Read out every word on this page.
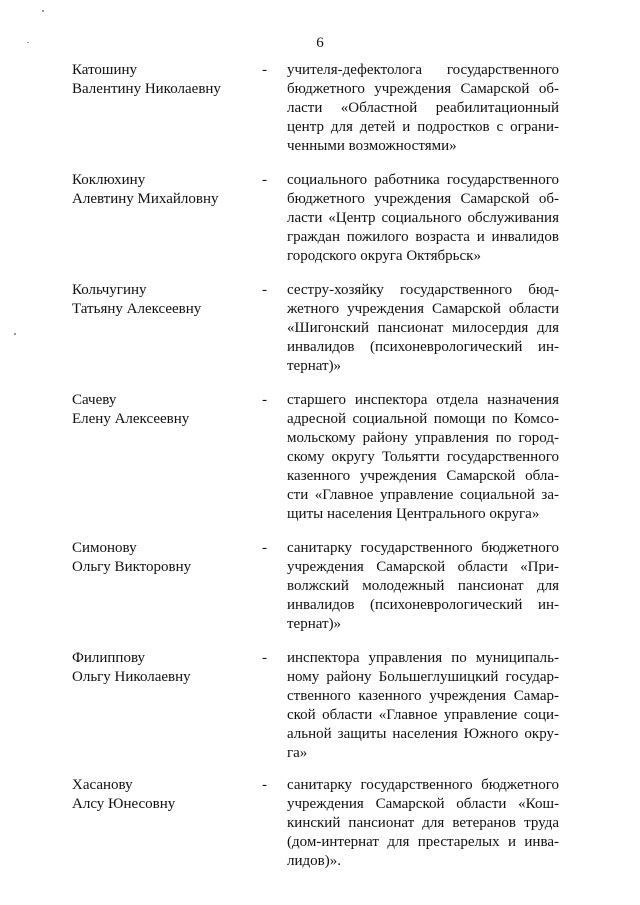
6
Катошину
Валентину Николаевну
- учителя-дефектолога государственного
бюджетного учреждения Самарской об-
ласти «Областной реабилитационный
центр для детей и подростков с ограни-
ченными возможностями»
Коклюхину
Алевтину Михайловну
- социального работника государственного
бюджетного учреждения Самарской об-
ласти «Центр социального обслуживания
граждан пожилого возраста и инвалидов
городского округа Октябрьск»
Кольчугину
Татьяну Алексеевну
- сестру-хозяйку государственного бюд-
жетного учреждения Самарской области
«Шигонский пансионат милосердия для
инвалидов (психоневрологический ин-
тернат)»
Сачеву
Елену Алексеевну
- старшего инспектора отдела назначения
адресной социальной помощи по Комсо-
мольскому району управления по город-
скому округу Тольятти государственного
казенного учреждения Самарской обла-
сти «Главное управление социальной за-
щиты населения Центрального округа»
Симонову
Ольгу Викторовну
- санитарку государственного бюджетного
учреждения Самарской области «При-
волжский молодежный пансионат для
инвалидов (психоневрологический ин-
тернат)»
Филиппову
Ольгу Николаевну
- инспектора управления по муниципаль-
ному району Большеглушицкий государ-
ственного казенного учреждения Самар-
ской области «Главное управление соци-
альной защиты населения Южного окру-
га»
Хасанову
Алсу Юнесовну
- санитарку государственного бюджетного
учреждения Самарской области «Кош-
кинский пансионат для ветеранов труда
(дом-интернат для престарелых и инва-
лидов)».
